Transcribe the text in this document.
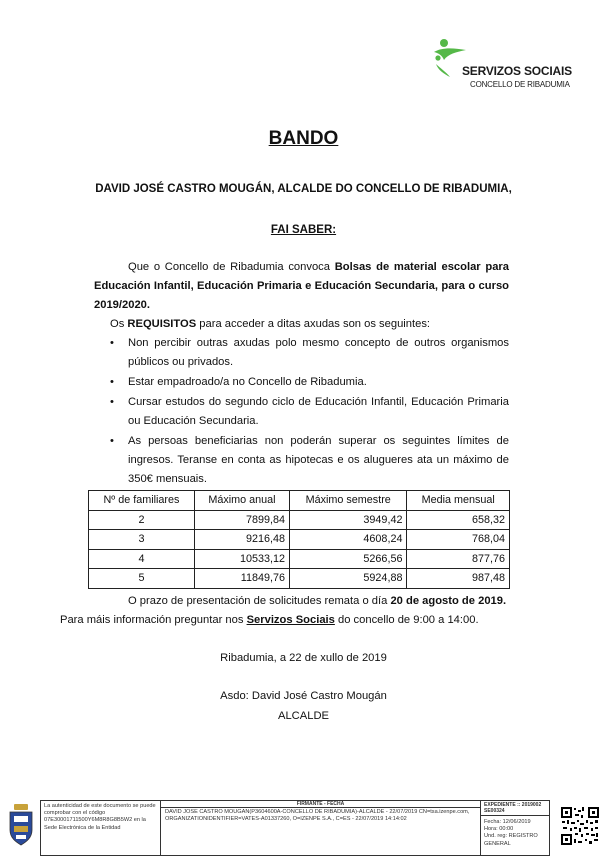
SERVIZOS SOCIAIS
CONCELLO DE RIBADUMIA
BANDO
DAVID JOSÉ CASTRO MOUGÁN, ALCALDE DO CONCELLO DE RIBADUMIA,
FAI SABER:
Que o Concello de Ribadumia convoca Bolsas de material escolar para Educación Infantil, Educación Primaria e Educación Secundaria, para o curso 2019/2020.
Os REQUISITOS para acceder a ditas axudas son os seguintes:
• Non percibir outras axudas polo mesmo concepto de outros organismos públicos ou privados.
• Estar empadroado/a no Concello de Ribadumia.
• Cursar estudos do segundo ciclo de Educación Infantil, Educación Primaria ou Educación Secundaria.
• As persoas beneficiarias non poderán superar os seguintes límites de ingresos. Teranse en conta as hipotecas e os alugueres ata un máximo de 350€ mensuais.
Nº de familiares	Máximo anual	Máximo semestre	Media mensual
2	7899,84	3949,42	658,32
3	9216,48	4608,24	768,04
4	10533,12	5266,56	877,76
5	11849,76	5924,88	987,48
O prazo de presentación de solicitudes remata o día 20 de agosto de 2019.
Para máis información preguntar nos Servizos Sociais do concello de 9:00 a 14:00.
Ribadumia, a 22 de xullo de 2019
Asdo: David José Castro Mougán
ALCALDE
La autenticidad de este documento se puede comprobar con el código 07E30001711500Y6M8R8G8B5W2 en la Sede Electrónica de la Entidad
FIRMANTE - FECHA
DAVID JOSE CASTRO MOUGAN(P3604600A-CONCELLO DE RIBADUMIA)-ALCALDE - 22/07/2019 CN=tsa.izenpe.com, ORGANIZATIONIDENTIFIER=VATES-A01337260, O=IZENPE S.A., C=ES - 22/07/2019 14:14:02
EXPEDIENTE :: 2019002 SE00324
Fecha: 12/06/2019
Hora: 00:00
Und. reg: REGISTRO GENERAL
